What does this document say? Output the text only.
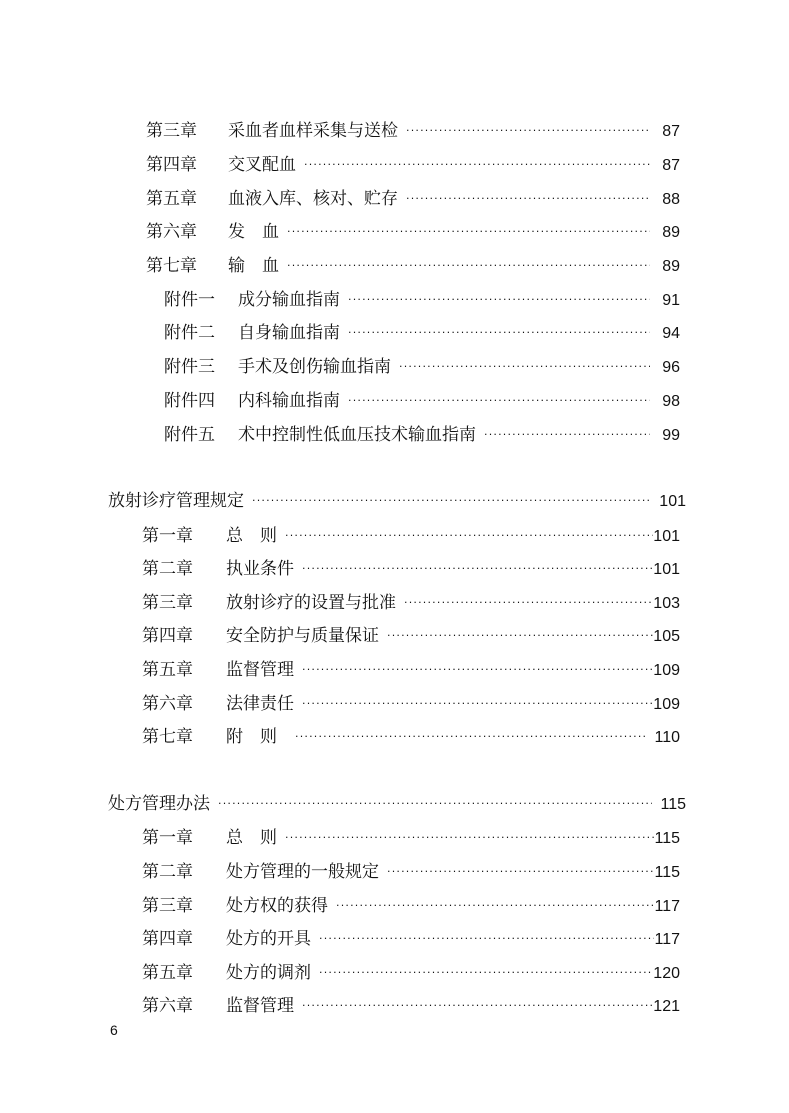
第三章	采血者血样采集与送检 ·····	87
第四章	交叉配血 ·····	87
第五章	血液入库、核对、贮存 ·····	88
第六章	发　血 ·····	89
第七章	输　血 ·····	89
附件一	成分输血指南 ·····	91
附件二	自身输血指南 ·····	94
附件三	手术及创伤输血指南 ·····	96
附件四	内科输血指南 ·····	98
附件五	术中控制性低血压技术输血指南 ·····	99
放射诊疗管理规定 ·····	101
第一章	总　则 ·····	101
第二章	执业条件 ·····	101
第三章	放射诊疗的设置与批准 ·····	103
第四章	安全防护与质量保证 ·····	105
第五章	监督管理 ·····	109
第六章	法律责任 ·····	109
第七章	附　则 ·····	110
处方管理办法 ·····	115
第一章	总　则 ·····	115
第二章	处方管理的一般规定 ·····	115
第三章	处方权的获得 ·····	117
第四章	处方的开具 ·····	117
第五章	处方的调剂 ·····	120
第六章	监督管理 ·····	121
6
